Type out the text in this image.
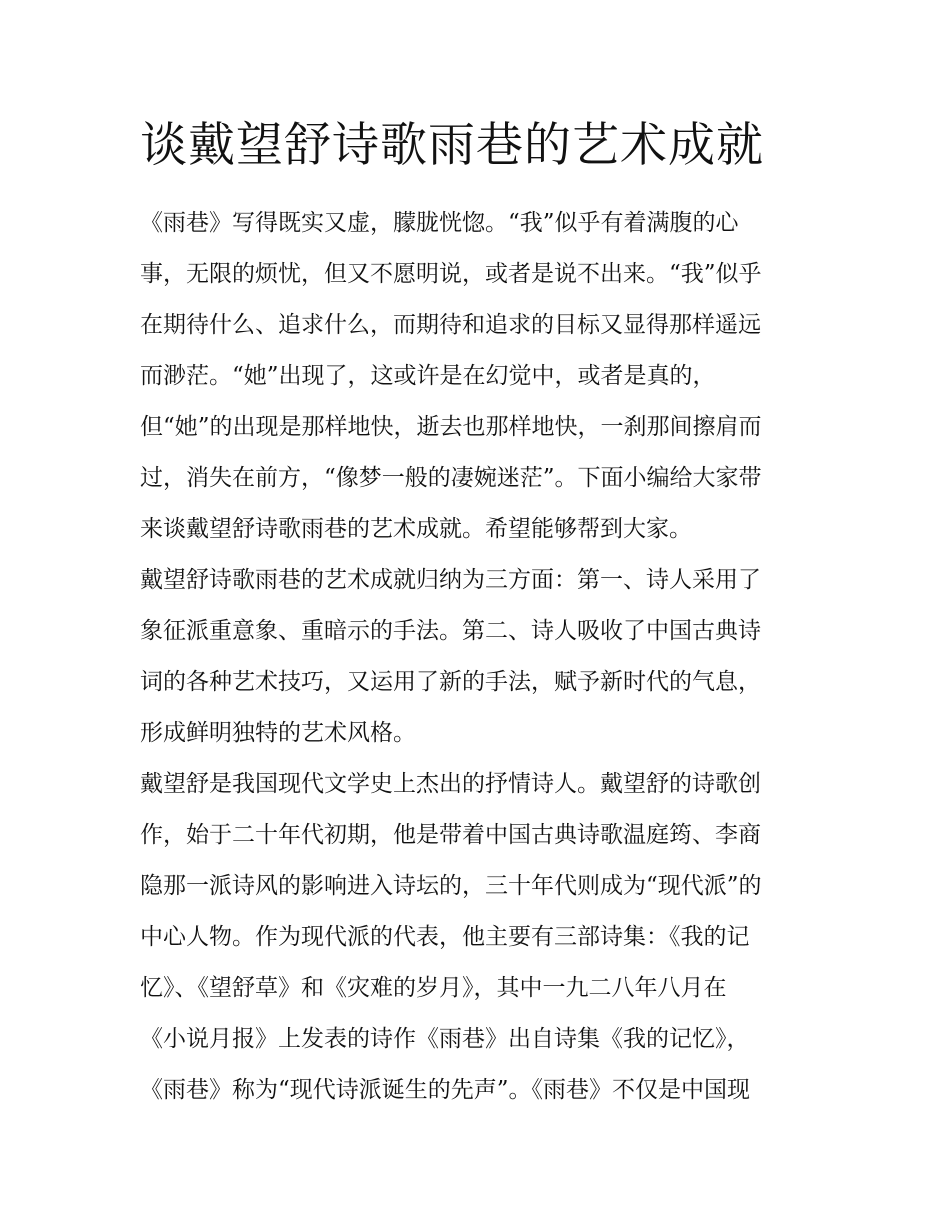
谈戴望舒诗歌雨巷的艺术成就
《雨巷》写得既实又虚，朦胧恍惚。“我”似乎有着满腹的心
事，无限的烦忧，但又不愿明说，或者是说不出来。“我”似乎
在期待什么、追求什么，而期待和追求的目标又显得那样遥远
而渺茫。“她”出现了，这或许是在幻觉中，或者是真的，
但“她”的出现是那样地快，逝去也那样地快，一刹那间擦肩而
过，消失在前方，“像梦一般的凄婉迷茫”。下面小编给大家带
来谈戴望舒诗歌雨巷的艺术成就。希望能够帮到大家。
戴望舒诗歌雨巷的艺术成就归纳为三方面：第一、诗人采用了
象征派重意象、重暗示的手法。第二、诗人吸收了中国古典诗
词的各种艺术技巧，又运用了新的手法，赋予新时代的气息，
形成鲜明独特的艺术风格。
戴望舒是我国现代文学史上杰出的抒情诗人。戴望舒的诗歌创
作，始于二十年代初期，他是带着中国古典诗歌温庭筠、李商
隐那一派诗风的影响进入诗坛的，三十年代则成为“现代派”的
中心人物。作为现代派的代表，他主要有三部诗集：《我的记
忆》、《望舒草》和《灾难的岁月》，其中一九二八年八月在
《小说月报》上发表的诗作《雨巷》出自诗集《我的记忆》，
《雨巷》称为“现代诗派诞生的先声”。《雨巷》不仅是中国现
